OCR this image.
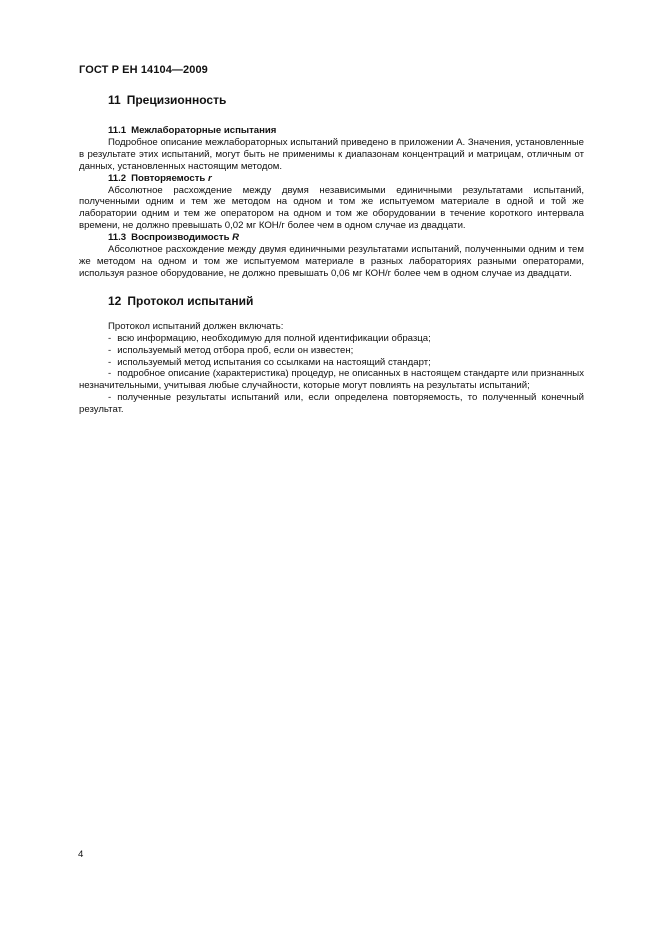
ГОСТ Р ЕН 14104—2009
11 Прецизионность
11.1 Межлабораторные испытания

Подробное описание межлабораторных испытаний приведено в приложении А. Значения, установленные в результате этих испытаний, могут быть не применимы к диапазонам концентраций и матрицам, отличным от данных, установленных настоящим методом.

11.2 Повторяемость r

Абсолютное расхождение между двумя независимыми единичными результатами испытаний, полученными одним и тем же методом на одном и том же испытуемом материале в одной и той же лаборатории одним и тем же оператором на одном и том же оборудовании в течение короткого интервала времени, не должно превышать 0,02 мг КОН/г более чем в одном случае из двадцати.

11.3 Воспроизводимость R

Абсолютное расхождение между двумя единичными результатами испытаний, полученными одним и тем же методом на одном и том же испытуемом материале в разных лабораториях разными операторами, используя разное оборудование, не должно превышать 0,06 мг КОН/г более чем в одном случае из двадцати.

12 Протокол испытаний

Протокол испытаний должен включать:

- всю информацию, необходимую для полной идентификации образца;
- используемый метод отбора проб, если он известен;
- используемый метод испытания со ссылками на настоящий стандарт;
- подробное описание (характеристика) процедур, не описанных в настоящем стандарте или признанных незначительными, учитывая любые случайности, которые могут повлиять на результаты испытаний;
- полученные результаты испытаний или, если определена повторяемость, то полученный конечный результат.
4
